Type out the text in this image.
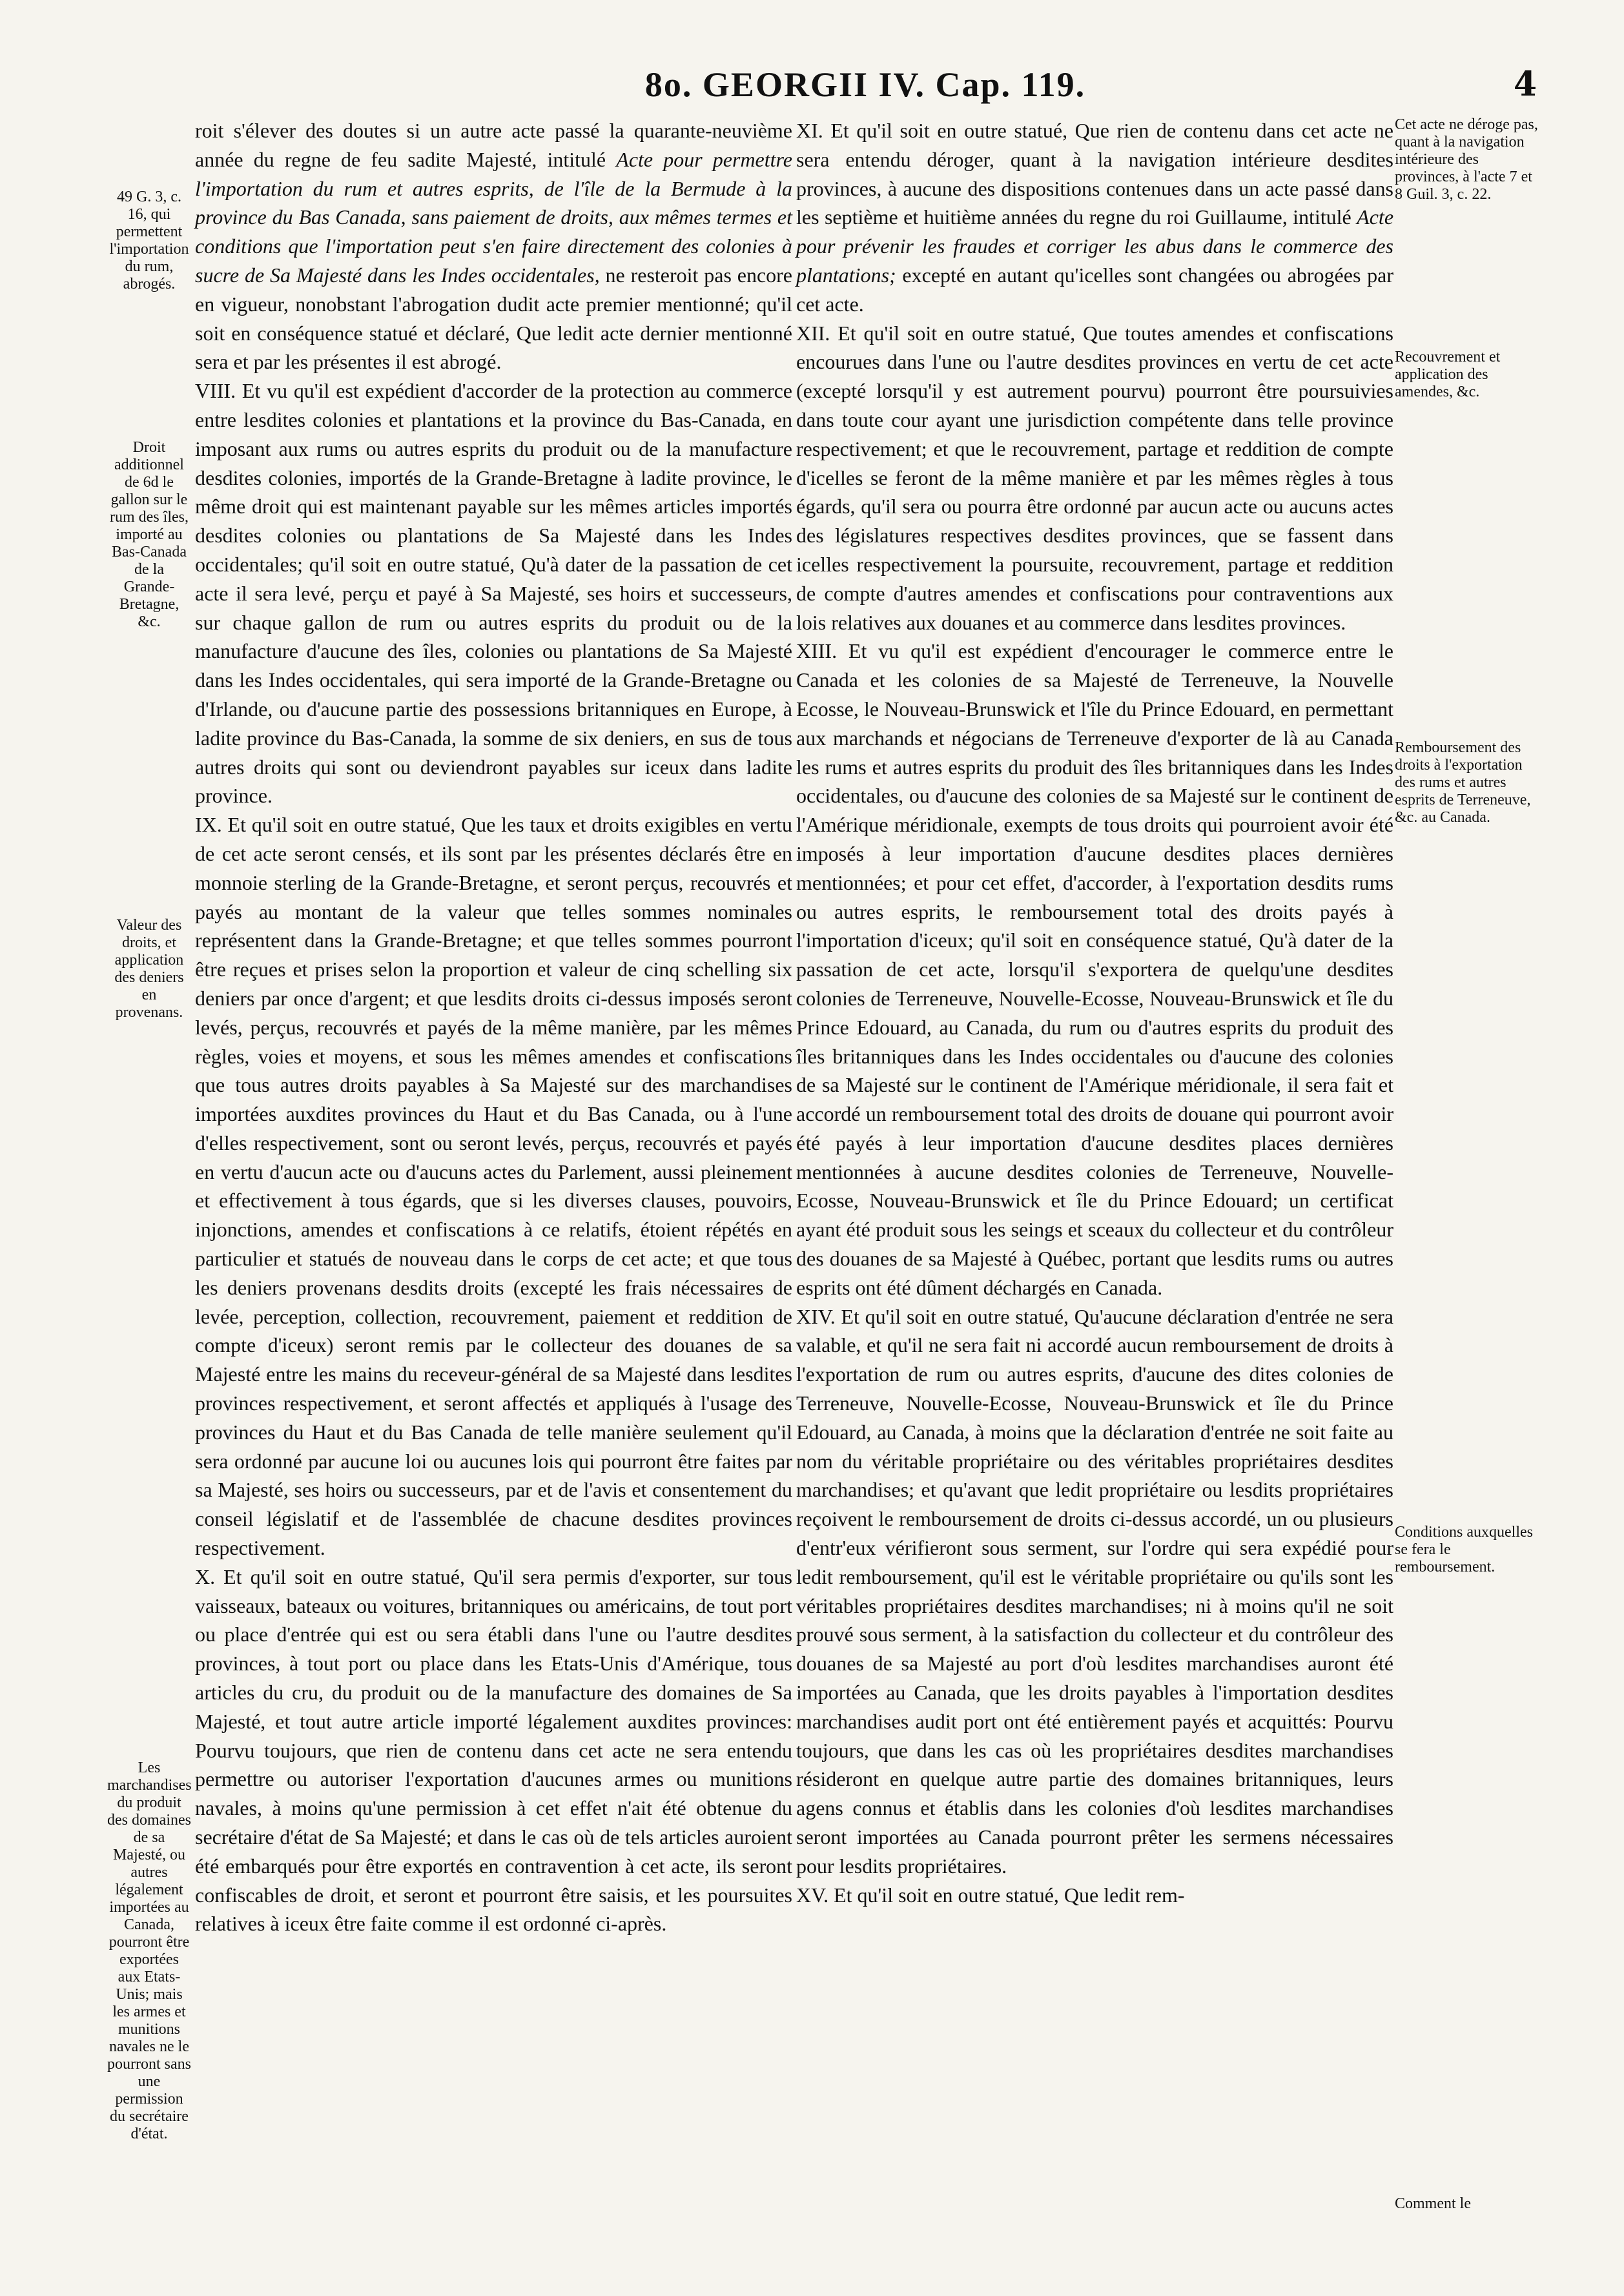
8o. GEORGII IV. Cap. 119.	4
49 G. 3, c. 16, qui permettent l'importation du rum, abrogés.
Droit additionnel de 6d le gallon sur le rum des îles, importé au Bas-Canada de la Grande-Bretagne, &c.
Valeur des droits, et application des deniers en provenans.
Les marchandises du produit des domaines de sa Majesté, ou autres légalement importées au Canada, pourront être exportées aux Etats-Unis; mais les armes et munitions navales ne le pourront sans une permission du secrétaire d'état.
Cet acte ne déroge pas, quant à la navigation intérieure des provinces, à l'acte 7 et 8 Guil. 3, c. 22.
Recouvrement et application des amendes, &c.
Remboursement des droits à l'exportation des rums et autres esprits de Terreneuve, &c. au Canada.
Conditions auxquelles se fera le remboursement.
Comment le

roit s'élever des doutes si un autre acte passé la quarante-neuvième année du regne de feu sadite Majesté, intitulé Acte pour permettre l'importation du rum et autres esprits, de l'île de la Bermude à la province du Bas Canada, sans paiement de droits, aux mêmes termes et conditions que l'importation peut s'en faire directement des colonies à sucre de Sa Majesté dans les Indes occidentales, ne resteroit pas encore en vigueur, nonobstant l'abrogation dudit acte premier mentionné; qu'il soit en conséquence statué et déclaré, Que ledit acte dernier mentionné sera et par les présentes il est abrogé.

VIII. Et vu qu'il est expédient d'accorder de la protection au commerce entre lesdites colonies et plantations et la province du Bas-Canada, en imposant aux rums ou autres esprits du produit ou de la manufacture desdites colonies, importés de la Grande-Bretagne à ladite province, le même droit qui est maintenant payable sur les mêmes articles importés desdites colonies ou plantations de Sa Majesté dans les Indes occidentales; qu'il soit en outre statué, Qu'à dater de la passation de cet acte il sera levé, perçu et payé à Sa Majesté, ses hoirs et successeurs, sur chaque gallon de rum ou autres esprits du produit ou de la manufacture d'aucune des îles, colonies ou plantations de Sa Majesté dans les Indes occidentales, qui sera importé de la Grande-Bretagne ou d'Irlande, ou d'aucune partie des possessions britanniques en Europe, à ladite province du Bas-Canada, la somme de six deniers, en sus de tous autres droits qui sont ou deviendront payables sur iceux dans ladite province.

IX. Et qu'il soit en outre statué, Que les taux et droits exigibles en vertu de cet acte seront censés, et ils sont par les présentes déclarés être en monnoie sterling de la Grande-Bretagne, et seront perçus, recouvrés et payés au montant de la valeur que telles sommes nominales représentent dans la Grande-Bretagne; et que telles sommes pourront être reçues et prises selon la proportion et valeur de cinq schelling six deniers par once d'argent; et que lesdits droits ci-dessus imposés seront levés, perçus, recouvrés et payés de la même manière, par les mêmes règles, voies et moyens, et sous les mêmes amendes et confiscations que tous autres droits payables à Sa Majesté sur des marchandises importées auxdites provinces du Haut et du Bas Canada, ou à l'une d'elles respectivement, sont ou seront levés, perçus, recouvrés et payés en vertu d'aucun acte ou d'aucuns actes du Parlement, aussi pleinement et effectivement à tous égards, que si les diverses clauses, pouvoirs, injonctions, amendes et confiscations à ce relatifs, étoient répétés en particulier et statués de nouveau dans le corps de cet acte; et que tous les deniers provenans desdits droits (excepté les frais nécessaires de levée, perception, collection, recouvrement, paiement et reddition de compte d'iceux) seront remis par le collecteur des douanes de sa Majesté entre les mains du receveur-général de sa Majesté dans lesdites provinces respectivement, et seront affectés et appliqués à l'usage des provinces du Haut et du Bas Canada de telle manière seulement qu'il sera ordonné par aucune loi ou aucunes lois qui pourront être faites par sa Majesté, ses hoirs ou successeurs, par et de l'avis et consentement du conseil législatif et de l'assemblée de chacune desdites provinces respectivement.

X. Et qu'il soit en outre statué, Qu'il sera permis d'exporter, sur tous vaisseaux, bateaux ou voitures, britanniques ou américains, de tout port ou place d'entrée qui est ou sera établi dans l'une ou l'autre desdites provinces, à tout port ou place dans les Etats-Unis d'Amérique, tous articles du cru, du produit ou de la manufacture des domaines de Sa Majesté, et tout autre article importé légalement auxdites provinces: Pourvu toujours, que rien de contenu dans cet acte ne sera entendu permettre ou autoriser l'exportation d'aucunes armes ou munitions navales, à moins qu'une permission à cet effet n'ait été obtenue du secrétaire d'état de Sa Majesté; et dans le cas où de tels articles auroient été embarqués pour être exportés en contravention à cet acte, ils seront confiscables de droit, et seront et pourront être saisis, et les poursuites relatives à iceux être faite comme il est ordonné ci-après.

XI. Et qu'il soit en outre statué, Que rien de contenu dans cet acte ne sera entendu déroger, quant à la navigation intérieure desdites provinces, à aucune des dispositions contenues dans un acte passé dans les septième et huitième années du regne du roi Guillaume, intitulé Acte pour prévenir les fraudes et corriger les abus dans le commerce des plantations; excepté en autant qu'icelles sont changées ou abrogées par cet acte.

XII. Et qu'il soit en outre statué, Que toutes amendes et confiscations encourues dans l'une ou l'autre desdites provinces en vertu de cet acte (excepté lorsqu'il y est autrement pourvu) pourront être poursuivies dans toute cour ayant une jurisdiction compétente dans telle province respectivement; et que le recouvrement, partage et reddition de compte d'icelles se feront de la même manière et par les mêmes règles à tous égards, qu'il sera ou pourra être ordonné par aucun acte ou aucuns actes des législatures respectives desdites provinces, que se fassent dans icelles respectivement la poursuite, recouvrement, partage et reddition de compte d'autres amendes et confiscations pour contraventions aux lois relatives aux douanes et au commerce dans lesdites provinces.

XIII. Et vu qu'il est expédient d'encourager le commerce entre le Canada et les colonies de sa Majesté de Terreneuve, la Nouvelle Ecosse, le Nouveau-Brunswick et l'île du Prince Edouard, en permettant aux marchands et négocians de Terreneuve d'exporter de là au Canada les rums et autres esprits du produit des îles britanniques dans les Indes occidentales, ou d'aucune des colonies de sa Majesté sur le continent de l'Amérique méridionale, exempts de tous droits qui pourroient avoir été imposés à leur importation d'aucune desdites places dernières mentionnées; et pour cet effet, d'accorder, à l'exportation desdits rums ou autres esprits, le remboursement total des droits payés à l'importation d'iceux; qu'il soit en conséquence statué, Qu'à dater de la passation de cet acte, lorsqu'il s'exportera de quelqu'une desdites colonies de Terreneuve, Nouvelle-Ecosse, Nouveau-Brunswick et île du Prince Edouard, au Canada, du rum ou d'autres esprits du produit des îles britanniques dans les Indes occidentales ou d'aucune des colonies de sa Majesté sur le continent de l'Amérique méridionale, il sera fait et accordé un remboursement total des droits de douane qui pourront avoir été payés à leur importation d'aucune desdites places dernières mentionnées à aucune desdites colonies de Terreneuve, Nouvelle-Ecosse, Nouveau-Brunswick et île du Prince Edouard; un certificat ayant été produit sous les seings et sceaux du collecteur et du contrôleur des douanes de sa Majesté à Québec, portant que lesdits rums ou autres esprits ont été dûment déchargés en Canada.

XIV. Et qu'il soit en outre statué, Qu'aucune déclaration d'entrée ne sera valable, et qu'il ne sera fait ni accordé aucun remboursement de droits à l'exportation de rum ou autres esprits, d'aucune des dites colonies de Terreneuve, Nouvelle-Ecosse, Nouveau-Brunswick et île du Prince Edouard, au Canada, à moins que la déclaration d'entrée ne soit faite au nom du véritable propriétaire ou des véritables propriétaires desdites marchandises; et qu'avant que ledit propriétaire ou lesdits propriétaires reçoivent le remboursement de droits ci-dessus accordé, un ou plusieurs d'entr'eux vérifieront sous serment, sur l'ordre qui sera expédié pour ledit remboursement, qu'il est le véritable propriétaire ou qu'ils sont les véritables propriétaires desdites marchandises; ni à moins qu'il ne soit prouvé sous serment, à la satisfaction du collecteur et du contrôleur des douanes de sa Majesté au port d'où lesdites marchandises auront été importées au Canada, que les droits payables à l'importation desdites marchandises audit port ont été entièrement payés et acquittés: Pourvu toujours, que dans les cas où les propriétaires desdites marchandises résideront en quelque autre partie des domaines britanniques, leurs agens connus et établis dans les colonies d'où lesdites marchandises seront importées au Canada pourront prêter les sermens nécessaires pour lesdits propriétaires.

XV. Et qu'il soit en outre statué, Que ledit rem-
